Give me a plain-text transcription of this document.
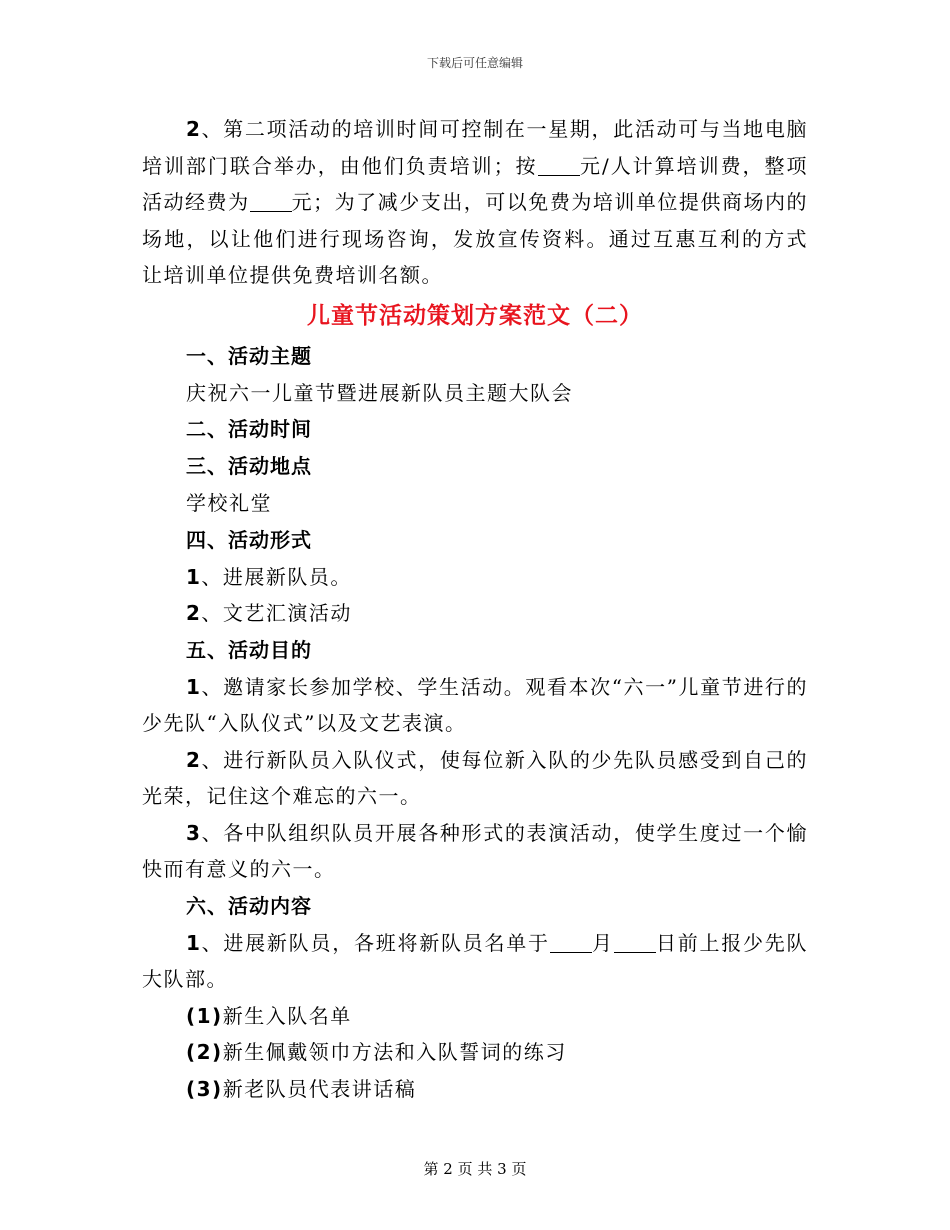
下载后可任意编辑

2、第二项活动的培训时间可控制在一星期，此活动可与当地电脑培训部门联合举办，由他们负责培训；按 元/人计算培训费，整项活动经费为 元；为了减少支出，可以免费为培训单位提供商场内的场地，以让他们进行现场咨询，发放宣传资料。通过互惠互利的方式让培训单位提供免费培训名额。

儿童节活动策划方案范文（二）

一、活动主题

庆祝六一儿童节暨进展新队员主题大队会

二、活动时间

三、活动地点

学校礼堂

四、活动形式

1、进展新队员。

2、文艺汇演活动

五、活动目的

1、邀请家长参加学校、学生活动。观看本次“六一”儿童节进行的少先队“入队仪式”以及文艺表演。

2、进行新队员入队仪式，使每位新入队的少先队员感受到自己的光荣，记住这个难忘的六一。

3、各中队组织队员开展各种形式的表演活动，使学生度过一个愉快而有意义的六一。

六、活动内容

1、进展新队员，各班将新队员名单于 月 日前上报少先队大队部。

(1)新生入队名单

(2)新生佩戴领巾方法和入队誓词的练习

(3)新老队员代表讲话稿

第 2 页 共 3 页
